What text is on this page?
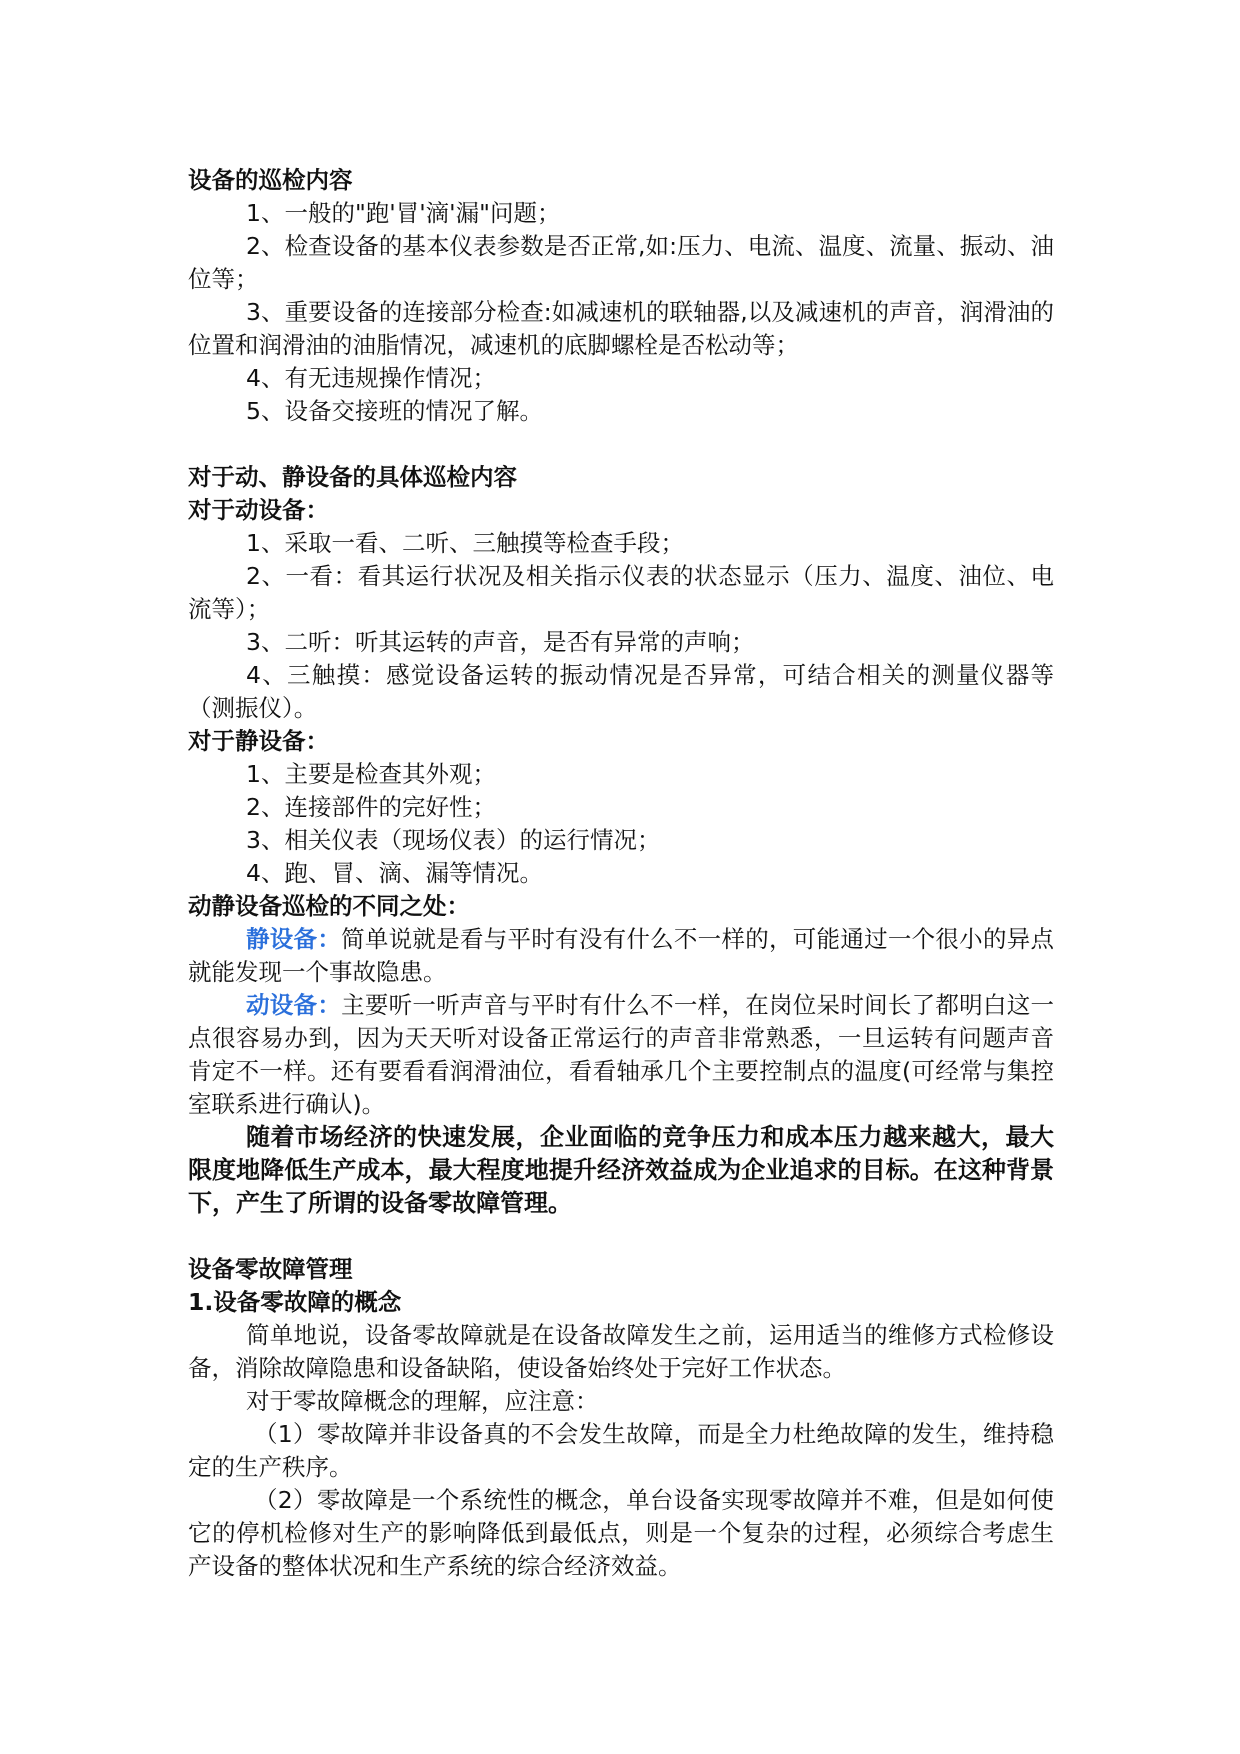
设备的巡检内容

1、一般的"跑'冒'滴'漏"问题；

2、检查设备的基本仪表参数是否正常,如:压力、电流、温度、流量、振动、油位等；

3、重要设备的连接部分检查:如减速机的联轴器,以及减速机的声音，润滑油的位置和润滑油的油脂情况，减速机的底脚螺栓是否松动等；

4、有无违规操作情况；

5、设备交接班的情况了解。

对于动、静设备的具体巡检内容

对于动设备：

1、采取一看、二听、三触摸等检查手段；

2、一看：看其运行状况及相关指示仪表的状态显示（压力、温度、油位、电流等）；

3、二听：听其运转的声音，是否有异常的声响；

4、三触摸：感觉设备运转的振动情况是否异常，可结合相关的测量仪器等（测振仪）。

对于静设备：

1、主要是检查其外观；

2、连接部件的完好性；

3、相关仪表（现场仪表）的运行情况；

4、跑、冒、滴、漏等情况。

动静设备巡检的不同之处：

静设备：简单说就是看与平时有没有什么不一样的，可能通过一个很小的异点就能发现一个事故隐患。

动设备：主要听一听声音与平时有什么不一样，在岗位呆时间长了都明白这一点很容易办到，因为天天听对设备正常运行的声音非常熟悉，一旦运转有问题声音肯定不一样。还有要看看润滑油位，看看轴承几个主要控制点的温度(可经常与集控室联系进行确认)。

随着市场经济的快速发展，企业面临的竞争压力和成本压力越来越大，最大限度地降低生产成本，最大程度地提升经济效益成为企业追求的目标。在这种背景下，产生了所谓的设备零故障管理。

设备零故障管理

1.设备零故障的概念

简单地说，设备零故障就是在设备故障发生之前，运用适当的维修方式检修设备，消除故障隐患和设备缺陷，使设备始终处于完好工作状态。

对于零故障概念的理解，应注意：

（1）零故障并非设备真的不会发生故障，而是全力杜绝故障的发生，维持稳定的生产秩序。

（2）零故障是一个系统性的概念，单台设备实现零故障并不难，但是如何使它的停机检修对生产的影响降低到最低点，则是一个复杂的过程，必须综合考虑生产设备的整体状况和生产系统的综合经济效益。
